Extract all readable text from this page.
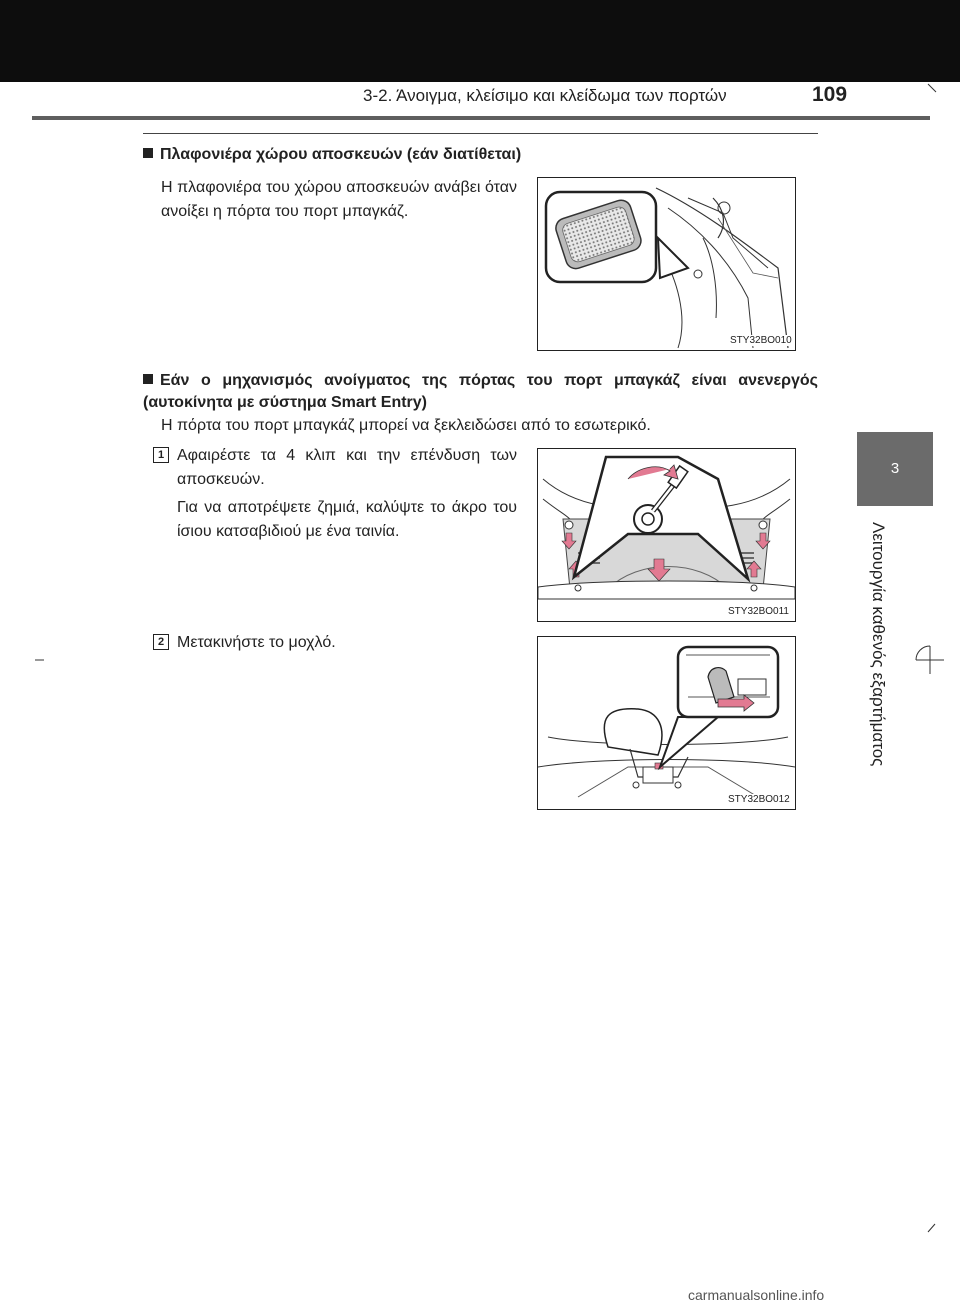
3-2. Άνοιγμα, κλείσιμο και κλείδωμα των πορτών	109
3
Λειτουργία καθενός εξαρτήματος
Πλαφονιέρα χώρου αποσκευών (εάν διατίθεται)
Η πλαφονιέρα του χώρου αποσκευών ανάβει όταν ανοίξει η πόρτα του πορτ μπαγκάζ.
STY32BO010
Εάν ο μηχανισμός ανοίγματος της πόρτας του πορτ μπαγκάζ είναι ανενεργός (αυτοκίνητα με σύστημα Smart Entry)
Η πόρτα του πορτ μπαγκάζ μπορεί να ξεκλειδώσει από το εσωτερικό.
1 Αφαιρέστε τα 4 κλιπ και την επένδυση των αποσκευών.
Για να αποτρέψετε ζημιά, καλύψτε το άκρο του ίσιου κατσαβιδιού με ένα ταινία.
STY32BO011
2 Μετακινήστε το μοχλό.
STY32BO012
carmanualsonline.info
